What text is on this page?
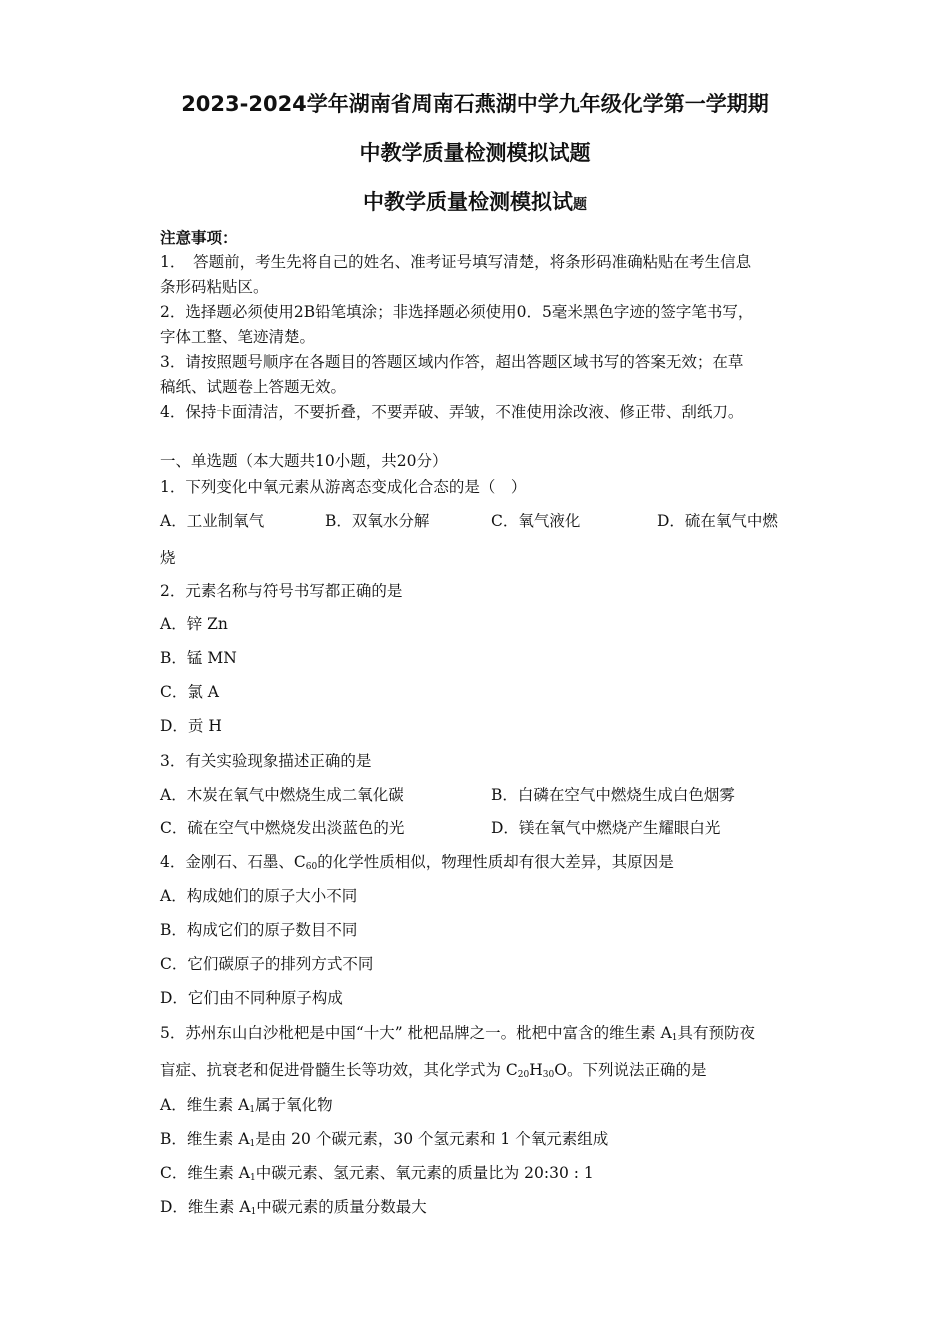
2023-2024学年湖南省周南石燕湖中学九年级化学第一学期期
中教学质量检测模拟试题
中教学质量检测模拟试题
注意事项：
1．　答题前，考生先将自己的姓名、准考证号填写清楚，将条形码准确粘贴在考生信息
条形码粘贴区。
2．选择题必须使用2B铅笔填涂；非选择题必须使用0．5毫米黑色字迹的签字笔书写，
字体工整、笔迹清楚。
3．请按照题号顺序在各题目的答题区域内作答，超出答题区域书写的答案无效；在草
稿纸、试题卷上答题无效。
4．保持卡面清洁，不要折叠，不要弄破、弄皱，不准使用涂改液、修正带、刮纸刀。
一、单选题（本大题共10小题，共20分）
1．下列变化中氧元素从游离态变成化合态的是（　）
A．工业制氧气	B．双氧水分解	C．氧气液化	D．硫在氧气中燃
烧
2．元素名称与符号书写都正确的是
A．锌 Zn
B．锰 MN
C．氯 A
D．贡 H
3．有关实验现象描述正确的是
A．木炭在氧气中燃烧生成二氧化碳	B．白磷在空气中燃烧生成白色烟雾
C．硫在空气中燃烧发出淡蓝色的光	D．镁在氧气中燃烧产生耀眼白光
4．金刚石、石墨、$C_{60}$的化学性质相似，物理性质却有很大差异，其原因是
A．构成她们的原子大小不同
B．构成它们的原子数目不同
C．它们碳原子的排列方式不同
D．它们由不同种原子构成
5．苏州东山白沙枇杷是中国“十大” 枇杷品牌之一。枇杷中富含的维生素 $A_1$具有预防夜
盲症、抗衰老和促进骨髓生长等功效，其化学式为 $C_{20}H_{30}O$。下列说法正确的是
A．维生素 $A_1$属于氧化物
B．维生素 $A_1$是由 20 个碳元素，30 个氢元素和 1 个氧元素组成
C．维生素 $A_1$中碳元素、氢元素、氧元素的质量比为 20:30 : 1
D．维生素 $A_1$中碳元素的质量分数最大
